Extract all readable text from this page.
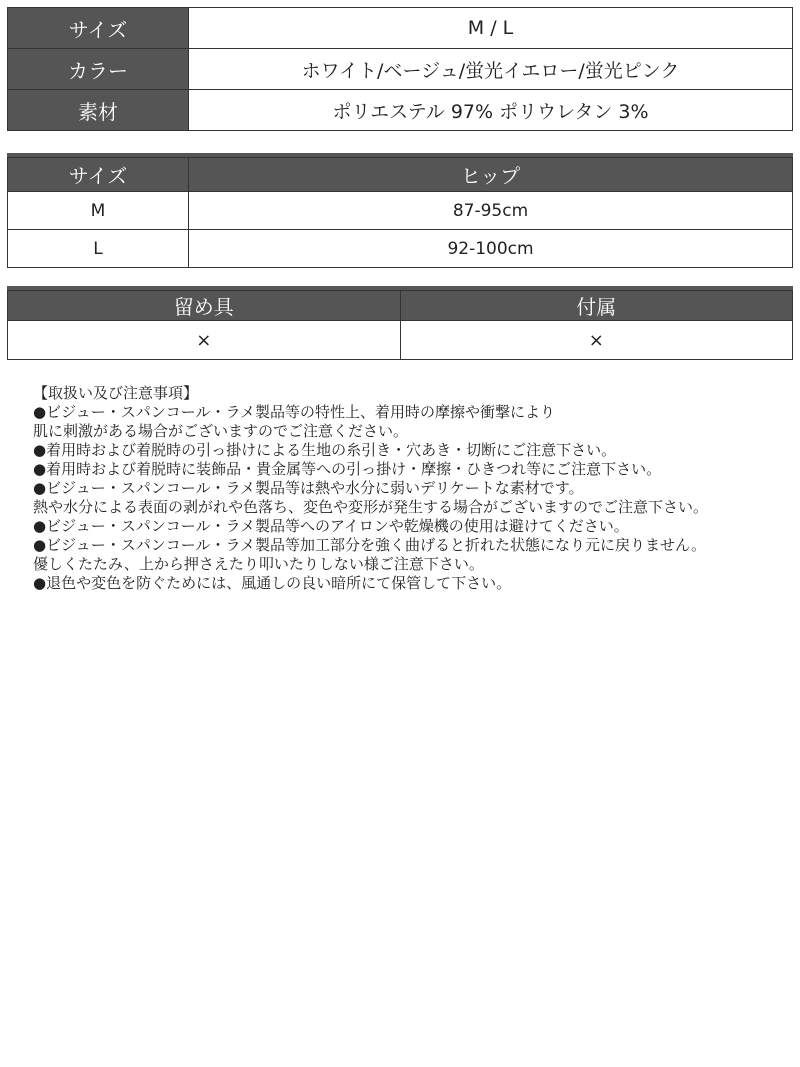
サイズ	M / L
カラー	ホワイト/ベージュ/蛍光イエロー/蛍光ピンク
素材	ポリエステル 97% ポリウレタン 3%
サイズ	ヒップ
M	87-95cm
L	92-100cm
留め具	付属
×	×

【取扱い及び注意事項】

●ビジュー・スパンコール・ラメ製品等の特性上、着用時の摩擦や衝撃により

肌に刺激がある場合がございますのでご注意ください。

●着用時および着脱時の引っ掛けによる生地の糸引き・穴あき・切断にご注意下さい。

●着用時および着脱時に装飾品・貴金属等への引っ掛け・摩擦・ひきつれ等にご注意下さい。

●ビジュー・スパンコール・ラメ製品等は熱や水分に弱いデリケートな素材です。

熱や水分による表面の剥がれや色落ち、変色や変形が発生する場合がございますのでご注意下さい。

●ビジュー・スパンコール・ラメ製品等へのアイロンや乾燥機の使用は避けてください。

●ビジュー・スパンコール・ラメ製品等加工部分を強く曲げると折れた状態になり元に戻りません。

優しくたたみ、上から押さえたり叩いたりしない様ご注意下さい。

●退色や変色を防ぐためには、風通しの良い暗所にて保管して下さい。
